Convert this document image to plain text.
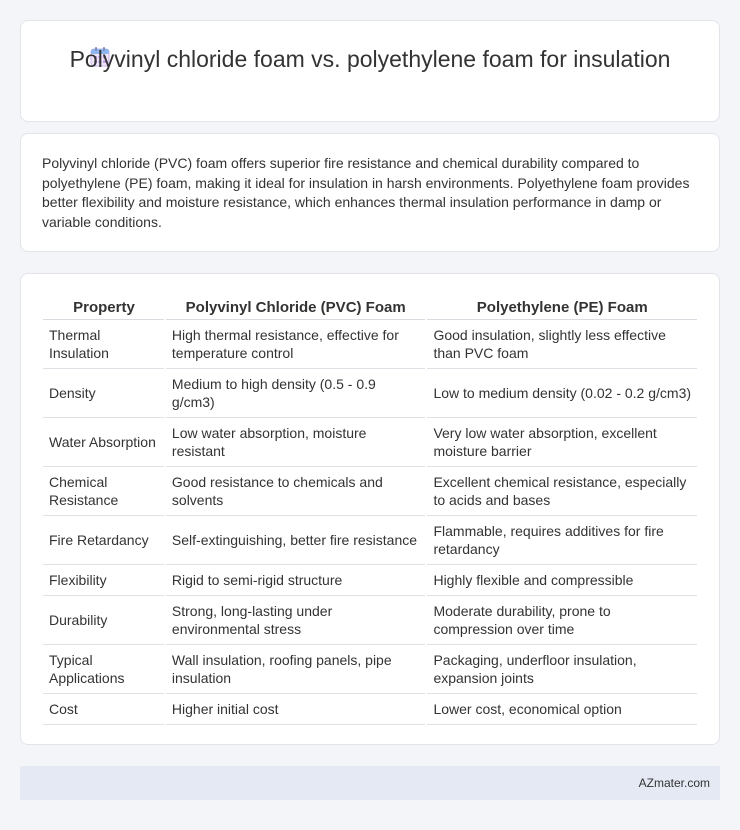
Polyvinyl chloride foam vs. polyethylene foam for insulation

Polyvinyl chloride (PVC) foam offers superior fire resistance and chemical durability compared to polyethylene (PE) foam, making it ideal for insulation in harsh environments. Polyethylene foam provides better flexibility and moisture resistance, which enhances thermal insulation performance in damp or variable conditions.

Property	Polyvinyl Chloride (PVC) Foam	Polyethylene (PE) Foam
Thermal Insulation	High thermal resistance, effective for temperature control	Good insulation, slightly less effective than PVC foam
Density	Medium to high density (0.5 - 0.9 g/cm3)	Low to medium density (0.02 - 0.2 g/cm3)
Water Absorption	Low water absorption, moisture resistant	Very low water absorption, excellent moisture barrier
Chemical Resistance	Good resistance to chemicals and solvents	Excellent chemical resistance, especially to acids and bases
Fire Retardancy	Self-extinguishing, better fire resistance	Flammable, requires additives for fire retardancy
Flexibility	Rigid to semi-rigid structure	Highly flexible and compressible
Durability	Strong, long-lasting under environmental stress	Moderate durability, prone to compression over time
Typical Applications	Wall insulation, roofing panels, pipe insulation	Packaging, underfloor insulation, expansion joints
Cost	Higher initial cost	Lower cost, economical option
AZmater.com
